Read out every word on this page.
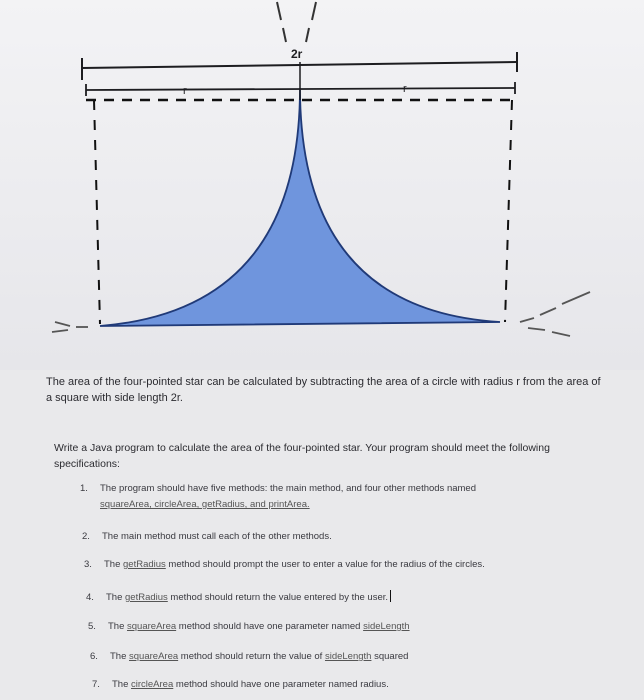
2r
r	r

The area of the four-pointed star can be calculated by subtracting the area of a circle with radius r from the area of a square with side length 2r.

Write a Java program to calculate the area of the four-pointed star. Your program should meet the following specifications:

1. The program should have five methods: the main method, and four other methods named
squareArea, circleArea, getRadius, and printArea.
2. The main method must call each of the other methods.
3. The getRadius method should prompt the user to enter a value for the radius of the circles.
4. The getRadius method should return the value entered by the user.
5. The squareArea method should have one parameter named sideLength
6. The squareArea method should return the value of sideLength squared
7. The circleArea method should have one parameter named radius.
